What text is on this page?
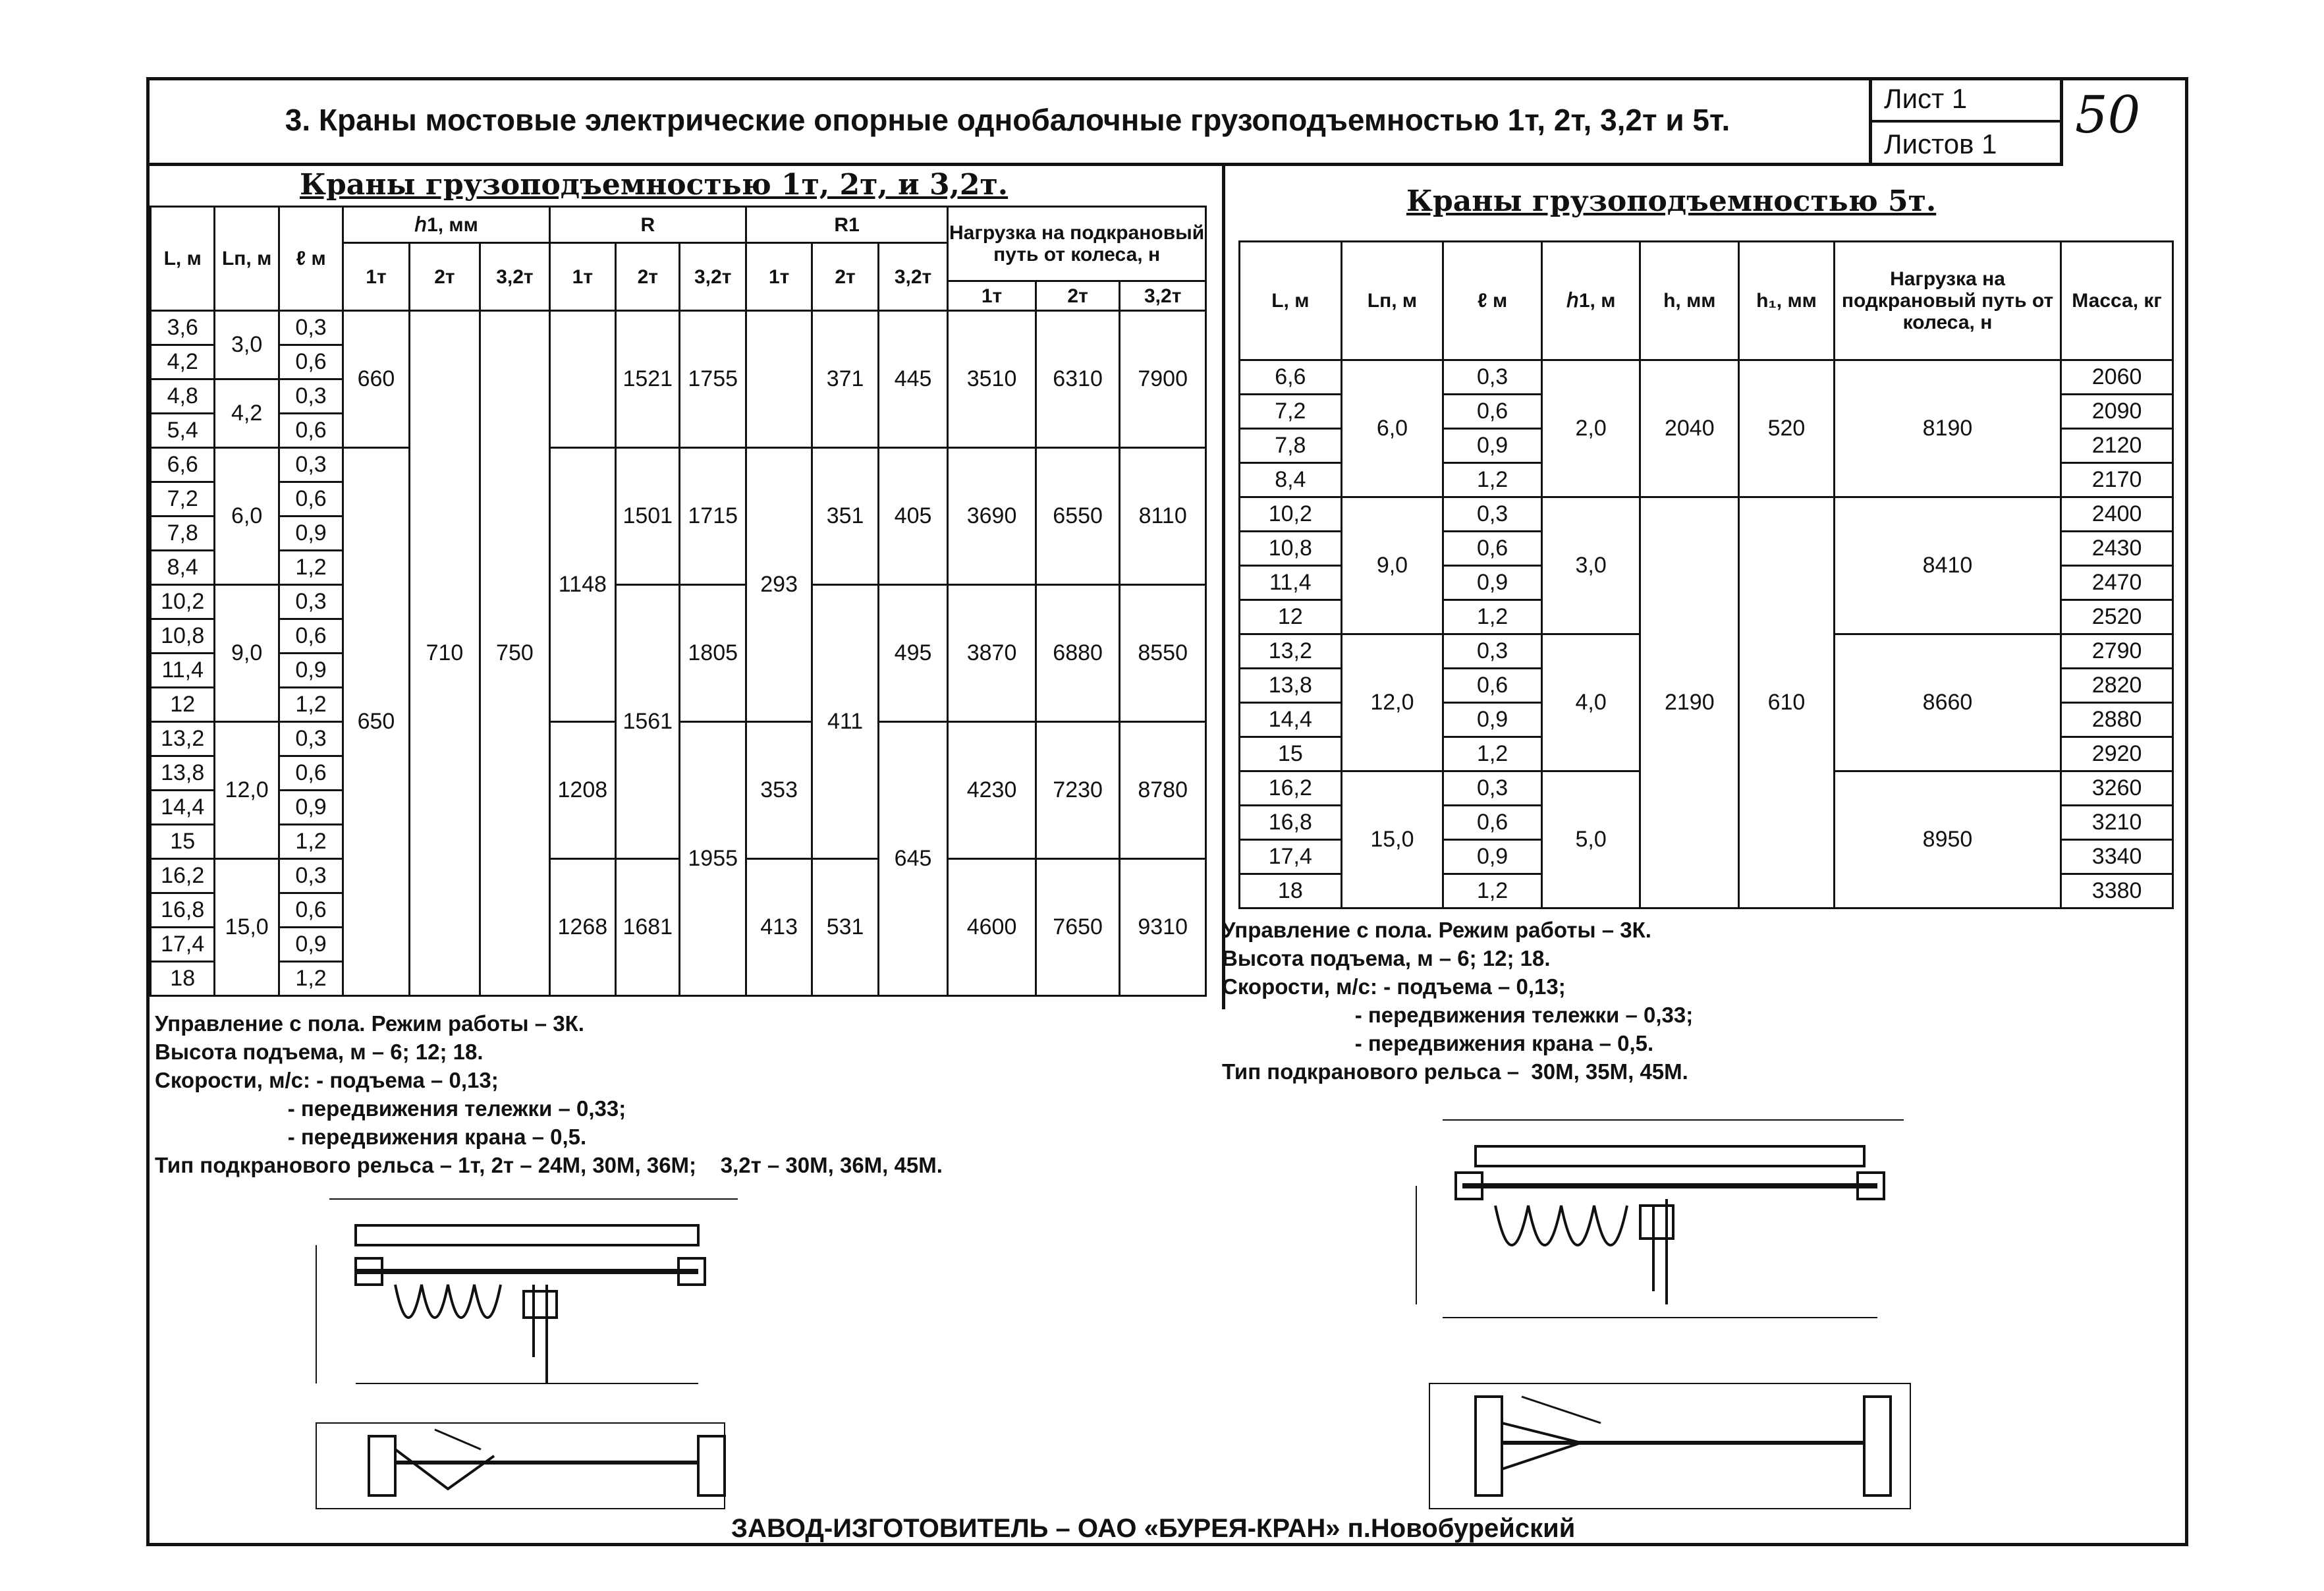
3. Краны мостовые электрические опорные однобалочные грузоподъемностью 1т, 2т, 3,2т и 5т.
Лист 1
Листов 1	50
Краны грузоподъемностью 1т, 2т, и 3,2т.
L, м	Lп, м	ℓ м	ℎ1, мм			R			R1			Нагрузка на подкрановый путь от колеса, н		
			1т	2т	3,2т	1т	2т	3,2т	1т	2т	3,2т			
												1т	2т	3,2т
3,6	3,0	0,3	660	710	750		1521	1755		371	445	3510	6310	7900
4,2		0,6												
4,8	4,2	0,3												
5,4		0,6												
6,6	6,0	0,3	650			1148	1501	1715	293	351	405	3690	6550	8110
7,2		0,6												
7,8		0,9												
8,4		1,2												
10,2	9,0	0,3					1561	1805		411	495	3870	6880	8550
10,8		0,6												
11,4		0,9												
12		1,2												
13,2	12,0	0,3				1208		1955	353		645	4230	7230	8780
13,8		0,6												
14,4		0,9												
15		1,2												
16,2	15,0	0,3				1268	1681		413	531		4600	7650	9310
16,8		0,6												
17,4		0,9												
18		1,2												
Управление с пола. Режим работы – 3К.
Высота подъема, м – 6; 12; 18.
Скорости, м/с: - подъема – 0,13;
- передвижения тележки – 0,33;
- передвижения крана – 0,5.
Тип подкранового рельса – 1т, 2т – 24М, 30М, 36М;    3,2т – 30М, 36М, 45М.
Краны грузоподъемностью 5т.
L, м	Lп, м	ℓ м	ℎ1, м	h, мм	h₁, мм	Нагрузка на подкрановый путь от колеса, н	Масса, кг
6,6	6,0	0,3	2,0	2040	520	8190	2060
7,2		0,6					2090
7,8		0,9					2120
8,4		1,2					2170
10,2	9,0	0,3	3,0	2190	610	8410	2400
10,8		0,6					2430
11,4		0,9					2470
12		1,2					2520
13,2	12,0	0,3	4,0			8660	2790
13,8		0,6					2820
14,4		0,9					2880
15		1,2					2920
16,2	15,0	0,3	5,0			8950	3260
16,8		0,6					3210
17,4		0,9					3340
18		1,2					3380
Управление с пола. Режим работы – 3К.
Высота подъема, м – 6; 12; 18.
Скорости, м/с: - подъема – 0,13;
- передвижения тележки – 0,33;
- передвижения крана – 0,5.
Тип подкранового рельса –  30М, 35М, 45М.
ЗАВОД-ИЗГОТОВИТЕЛЬ – ОАО «БУРЕЯ-КРАН» п.Новобурейский
